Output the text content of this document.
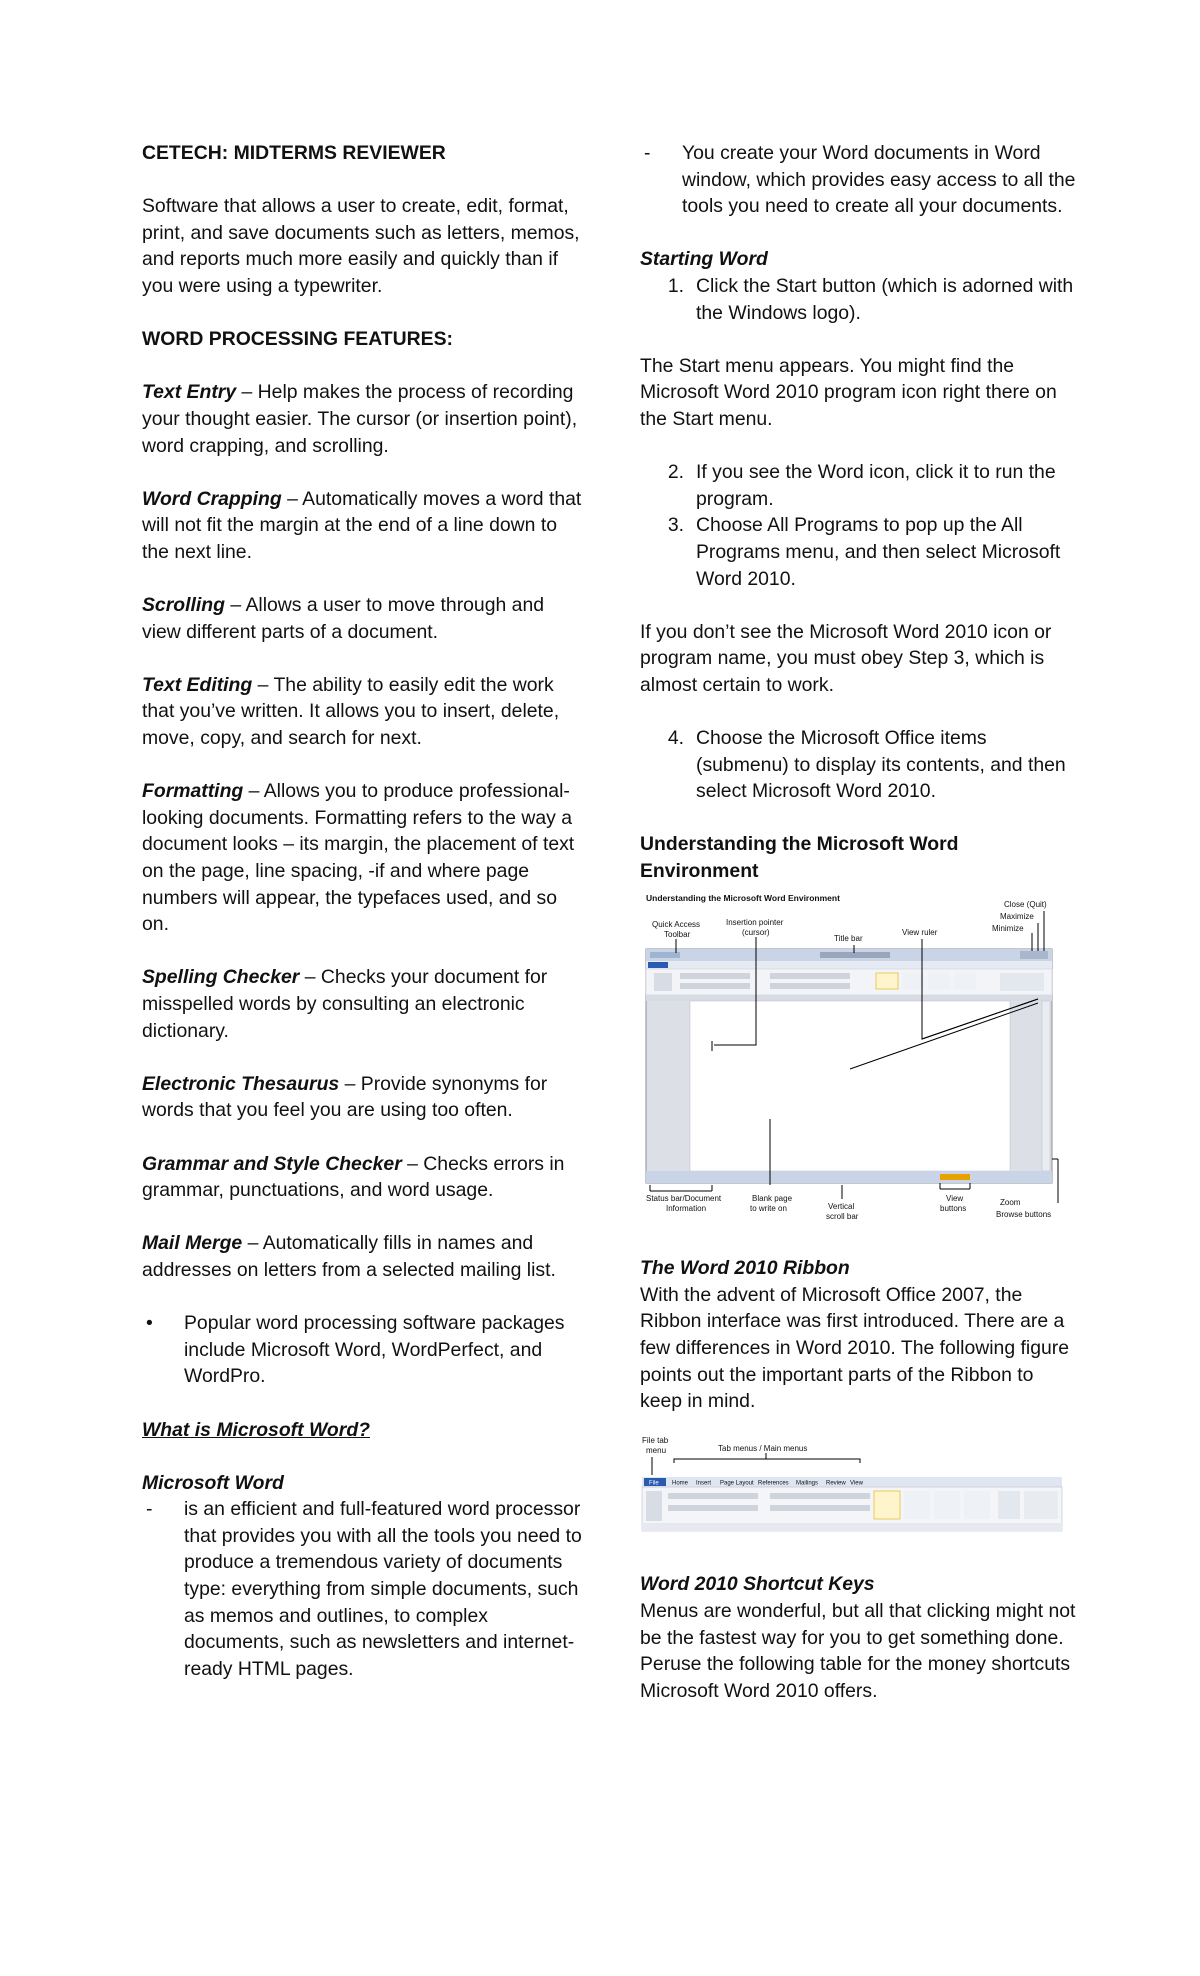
CETECH: MIDTERMS REVIEWER

Software that allows a user to create, edit, format, print, and save documents such as letters, memos, and reports much more easily and quickly than if you were using a typewriter.

WORD PROCESSING FEATURES:

Text Entry – Help makes the process of recording your thought easier. The cursor (or insertion point), word crapping, and scrolling.

Word Crapping – Automatically moves a word that will not fit the margin at the end of a line down to the next line.

Scrolling – Allows a user to move through and view different parts of a document.

Text Editing – The ability to easily edit the work that you’ve written. It allows you to insert, delete, move, copy, and search for next.

Formatting – Allows you to produce professional-looking documents. Formatting refers to the way a document looks – its margin, the placement of text on the page, line spacing, -if and where page numbers will appear, the typefaces used, and so on.

Spelling Checker – Checks your document for misspelled words by consulting an electronic dictionary.

Electronic Thesaurus – Provide synonyms for words that you feel you are using too often.

Grammar and Style Checker – Checks errors in grammar, punctuations, and word usage.

Mail Merge – Automatically fills in names and addresses on letters from a selected mailing list.

•	Popular word processing software packages include Microsoft Word, WordPerfect, and WordPro.

What is Microsoft Word?

Microsoft Word

-	is an efficient and full-featured word processor that provides you with all the tools you need to produce a tremendous variety of documents type: everything from simple documents, such as memos and outlines, to complex documents, such as newsletters and internet-ready HTML pages.
-	You create your Word documents in Word window, which provides easy access to all the tools you need to create all your documents.

Starting Word

1. Click the Start button (which is adorned with the Windows logo).

The Start menu appears. You might find the Microsoft Word 2010 program icon right there on the Start menu.

2. If you see the Word icon, click it to run the program.
3. Choose All Programs to pop up the All Programs menu, and then select Microsoft Word 2010.

If you don’t see the Microsoft Word 2010 icon or program name, you must obey Step 3, which is almost certain to work.

4. Choose the Microsoft Office items (submenu) to display its contents, and then select Microsoft Word 2010.

Understanding the Microsoft Word Environment

Understanding the Microsoft Word Environment
Quick Access
Toolbar
Insertion pointer
(cursor)
Title bar
View ruler
Close (Quit)
Maximize
Minimize
Status bar/Document
Information
Blank page
to write on	Vertical
scroll bar
View
buttons
Zoom
Browse buttons

The Word 2010 Ribbon

With the advent of Microsoft Office 2007, the Ribbon interface was first introduced. There are a few differences in Word 2010. The following figure points out the important parts of the Ribbon to keep in mind.

File tab
menu	Tab menus / Main menus
File Home Insert Page Layout References Mailings Review View

Word 2010 Shortcut Keys

Menus are wonderful, but all that clicking might not be the fastest way for you to get something done. Peruse the following table for the money shortcuts Microsoft Word 2010 offers.
